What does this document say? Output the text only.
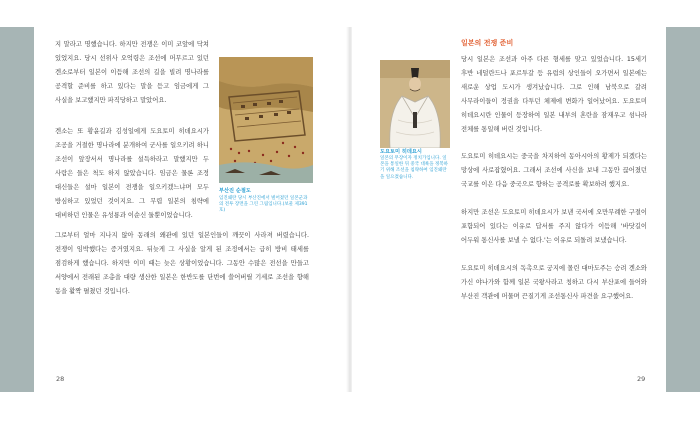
지 말라고 명했습니다. 하지만 전쟁은 이미 코앞에 닥쳐 있었지요. 당시 선위사 오억령은 조선에 머무르고 있던 겐소로부터 일본이 이듬해 조선의 길을 빌려 명나라를 공격할 준비를 하고 있다는 말을 듣고 임금에게 그 사실을 보고했지만 파직당하고 말았어요.

겐소는 또 황윤길과 김성일에게 도요토미 히데요시가 조공을 거절한 명나라에 분개하여 군사를 일으키려 하니 조선이 앞장서서 명나라를 설득하라고 말했지만 두 사람은 들은 척도 하지 않았습니다. 임금은 물론 조정 대신들은 설마 일본이 전쟁을 일으키겠느냐며 모두 방심하고 있었던 것이지요. 그 무렵 일본의 침략에 대비하던 인물은 유성룡과 이순신 둘뿐이었습니다.

그로부터 얼마 지나지 않아 동래의 왜관에 있던 일본인들이 깨끗이 사라져 버렸습니다. 전쟁이 임박했다는 증거였지요. 뒤늦게 그 사실을 알게 된 조정에서는 급히 방비 태세를 점검하게 했습니다. 하지만 이미 때는 늦은 상황이었습니다. 그동안 수많은 전선을 만들고 서양에서 전래된 조총을 대량 생산한 일본은 한반도를 단번에 쓸어버릴 기세로 조선을 향해 동을 활짝 펼쳤던 것입니다.

부산진 순절도

임진왜란 당시 부산진에서 벌어졌던 일본군과의 전투 장면을 그린 그림입니다.(보물 제391호)

28
도요토미 히데요시

일본의 무장이자 정치가입니다. 일본을 통일한 뒤 중국 대륙을 정복하기 위해 조선을 침략하여 임진왜란을 일으켰습니다.

일본의 전쟁 준비

당시 일본은 조선과 아주 다른 형세를 맞고 있었습니다. 15세기 후반 네덜란드나 포르투갈 등 유럽의 상인들이 오가면서 일본에는 새로운 상업 도시가 생겨났습니다. 그로 인해 남북으로 갈려 사무라이들이 정권을 다투던 체제에 변화가 일어났어요. 도요토미 히데요시란 인물이 등장하여 일본 내부의 혼란을 잠재우고 섬나라 전체를 통일해 버린 것입니다.

도요토미 히데요시는 중국을 차지하여 동아시아의 황제가 되겠다는 망상에 사로잡혔어요. 그래서 조선에 사신을 보내 그동안 끊어졌던 국교를 이은 다음 중국으로 향하는 공격로를 확보하려 했지요.

하지만 조선은 도요토미 히데요시가 보낸 국서에 오만무례한 구절이 포함되어 있다는 이유로 답서를 주지 않다가 이듬해 '바닷길이 어두워 통신사를 보낼 수 없다.'는 이유로 되돌려 보냈습니다.

도요토미 히데요시의 독촉으로 궁지에 몰린 대마도주는 승려 겐소와 가신 야나가와 함께 일본 국왕사라고 칭하고 다시 부산포에 들어와 부산진 객관에 머물며 끈질기게 조선통신사 파견을 요구했어요.

29
